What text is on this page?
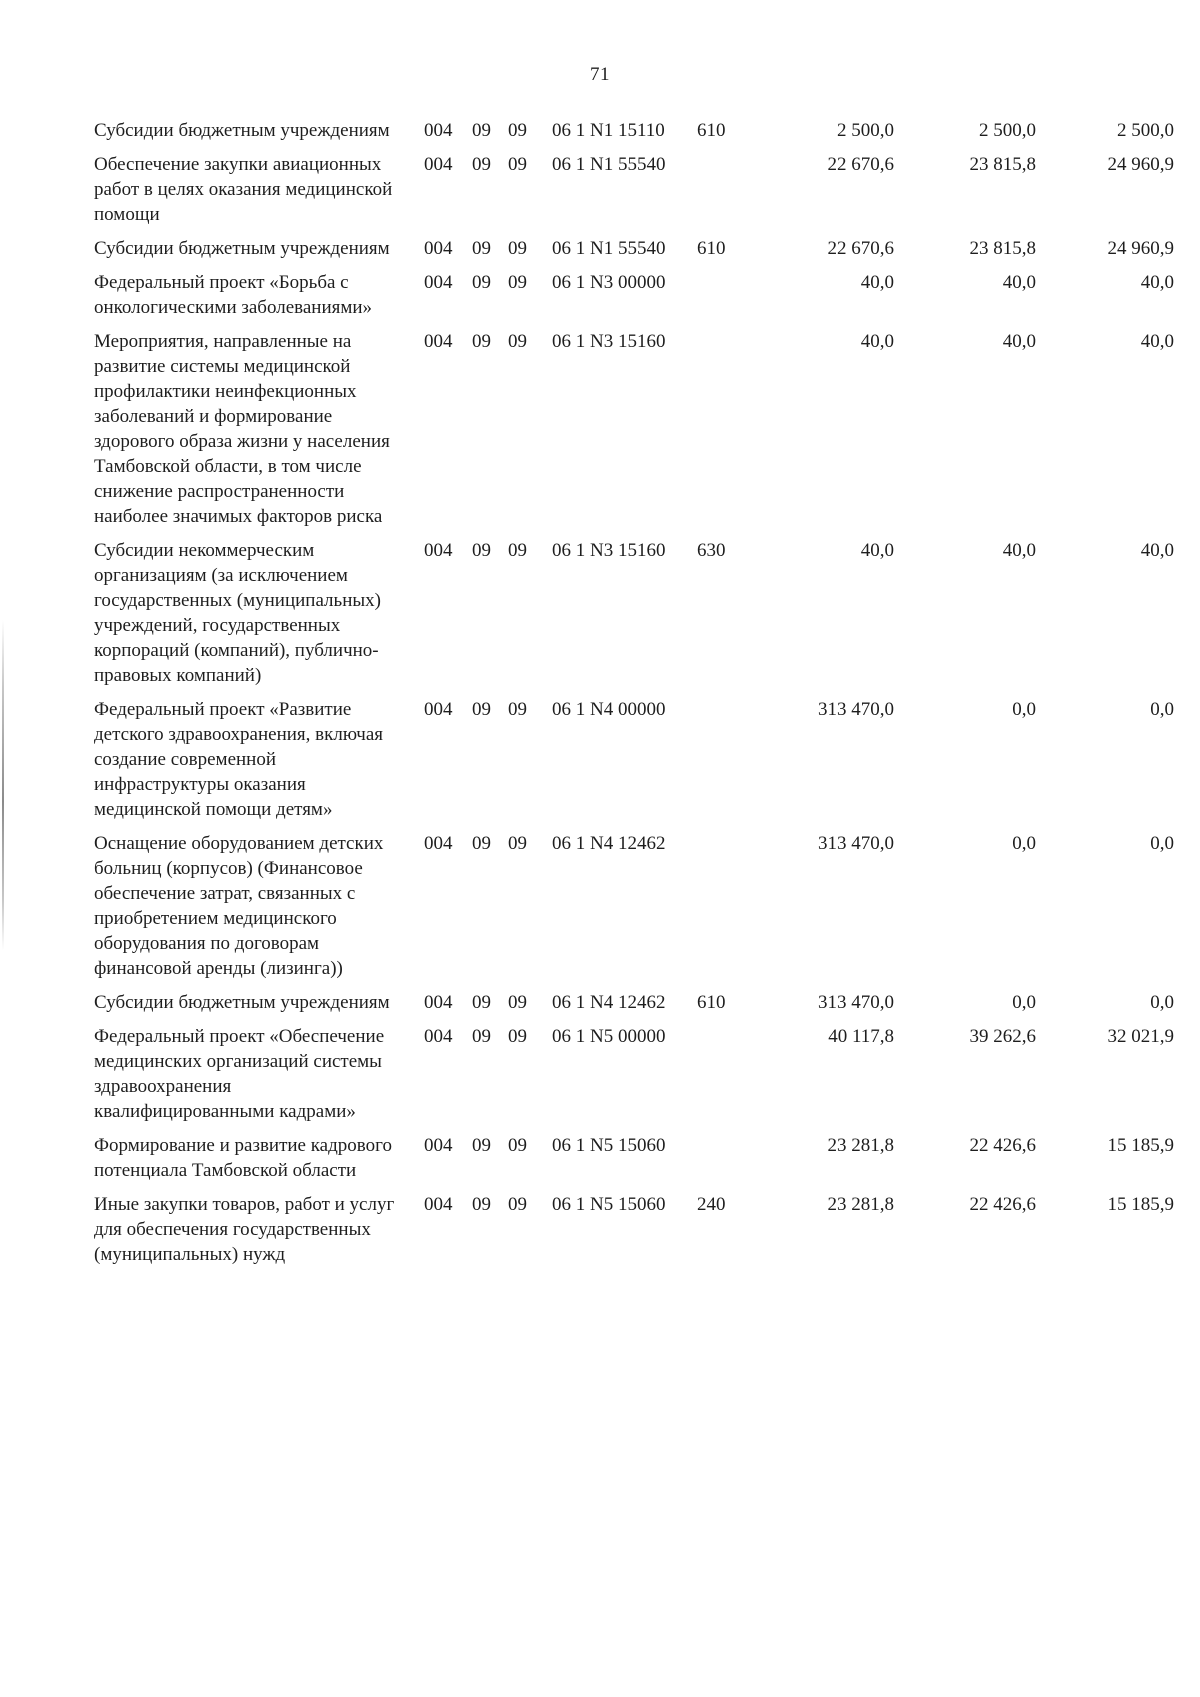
71
Субсидии бюджетным учреждениям	004	09	09	06 1 N1 15110	610	2 500,0	2 500,0	2 500,0
Обеспечение закупки авиационных работ в целях оказания медицинской помощи	004	09	09	06 1 N1 55540		22 670,6	23 815,8	24 960,9
Субсидии бюджетным учреждениям	004	09	09	06 1 N1 55540	610	22 670,6	23 815,8	24 960,9
Федеральный проект «Борьба с онкологическими заболеваниями»	004	09	09	06 1 N3 00000		40,0	40,0	40,0
Мероприятия, направленные на развитие системы медицинской профилактики неинфекционных заболеваний и формирование здорового образа жизни у населения Тамбовской области, в том числе снижение распространенности наиболее значимых факторов риска	004	09	09	06 1 N3 15160		40,0	40,0	40,0
Субсидии некоммерческим организациям (за исключением государственных (муниципальных) учреждений, государственных корпораций (компаний), публично-правовых компаний)	004	09	09	06 1 N3 15160	630	40,0	40,0	40,0
Федеральный проект «Развитие детского здравоохранения, включая создание современной инфраструктуры оказания медицинской помощи детям»	004	09	09	06 1 N4 00000		313 470,0	0,0	0,0
Оснащение оборудованием детских больниц (корпусов) (Финансовое обеспечение затрат, связанных с приобретением медицинского оборудования по договорам финансовой аренды (лизинга))	004	09	09	06 1 N4 12462		313 470,0	0,0	0,0
Субсидии бюджетным учреждениям	004	09	09	06 1 N4 12462	610	313 470,0	0,0	0,0
Федеральный проект «Обеспечение медицинских организаций системы здравоохранения квалифицированными кадрами»	004	09	09	06 1 N5 00000		40 117,8	39 262,6	32 021,9
Формирование и развитие кадрового потенциала Тамбовской области	004	09	09	06 1 N5 15060		23 281,8	22 426,6	15 185,9
Иные закупки товаров, работ и услуг для обеспечения государственных (муниципальных) нужд	004	09	09	06 1 N5 15060	240	23 281,8	22 426,6	15 185,9
